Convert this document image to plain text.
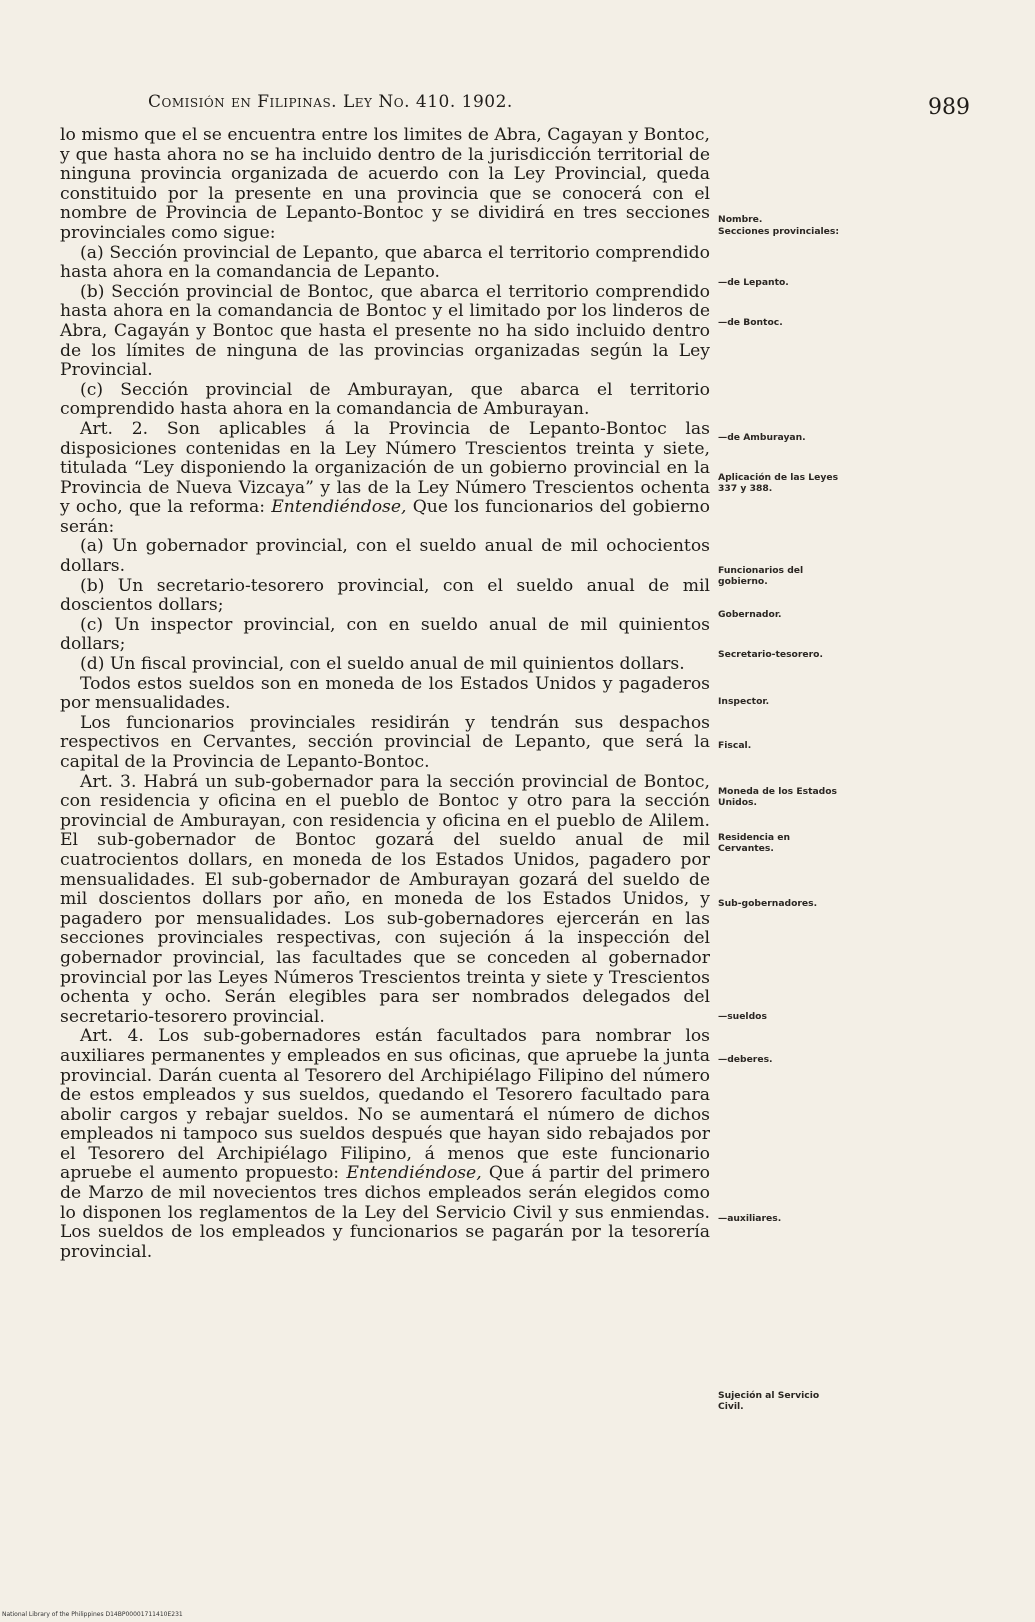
Comisión en Filipinas. Ley No. 410. 1902.	989

lo mismo que el se encuentra entre los limites de Abra, Cagayan y Bontoc, y que hasta ahora no se ha incluido dentro de la jurisdicción territorial de ninguna provincia organizada de acuerdo con la Ley Provincial, queda constituido por la presente en una provincia que se conocerá con el nombre de Provincia de Lepanto-Bontoc y se dividirá en tres secciones provinciales como sigue:

(a) Sección provincial de Lepanto, que abarca el territorio comprendido hasta ahora en la comandancia de Lepanto.

(b) Sección provincial de Bontoc, que abarca el territorio comprendido hasta ahora en la comandancia de Bontoc y el limitado por los linderos de Abra, Cagayán y Bontoc que hasta el presente no ha sido incluido dentro de los límites de ninguna de las provincias organizadas según la Ley Provincial.

(c) Sección provincial de Amburayan, que abarca el territorio comprendido hasta ahora en la comandancia de Amburayan.

Art. 2. Son aplicables á la Provincia de Lepanto-Bontoc las disposiciones contenidas en la Ley Número Trescientos treinta y siete, titulada “Ley disponiendo la organización de un gobierno provincial en la Provincia de Nueva Vizcaya” y las de la Ley Número Trescientos ochenta y ocho, que la reforma: Entendiéndose, Que los funcionarios del gobierno serán:

(a) Un gobernador provincial, con el sueldo anual de mil ochocientos dollars.

(b) Un secretario-tesorero provincial, con el sueldo anual de mil doscientos dollars;

(c) Un inspector provincial, con en sueldo anual de mil quinientos dollars;

(d) Un fiscal provincial, con el sueldo anual de mil quinientos dollars.

Todos estos sueldos son en moneda de los Estados Unidos y pagaderos por mensualidades.

Los funcionarios provinciales residirán y tendrán sus despachos respectivos en Cervantes, sección provincial de Lepanto, que será la capital de la Provincia de Lepanto-Bontoc.

Art. 3. Habrá un sub-gobernador para la sección provincial de Bontoc, con residencia y oficina en el pueblo de Bontoc y otro para la sección provincial de Amburayan, con residencia y oficina en el pueblo de Alilem. El sub-gobernador de Bontoc gozará del sueldo anual de mil cuatrocientos dollars, en moneda de los Estados Unidos, pagadero por mensualidades. El sub-gobernador de Amburayan gozará del sueldo de mil doscientos dollars por año, en moneda de los Estados Unidos, y pagadero por mensualidades. Los sub-gobernadores ejercerán en las secciones provinciales respectivas, con sujeción á la inspección del gobernador provincial, las facultades que se conceden al gobernador provincial por las Leyes Números Trescientos treinta y siete y Trescientos ochenta y ocho. Serán elegibles para ser nombrados delegados del secretario-tesorero provincial.

Art. 4. Los sub-gobernadores están facultados para nombrar los auxiliares permanentes y empleados en sus oficinas, que apruebe la junta provincial. Darán cuenta al Tesorero del Archipiélago Filipino del número de estos empleados y sus sueldos, quedando el Tesorero facultado para abolir cargos y rebajar sueldos. No se aumentará el número de dichos empleados ni tampoco sus sueldos después que hayan sido rebajados por el Tesorero del Archipiélago Filipino, á menos que este funcionario apruebe el aumento propuesto: Entendiéndose, Que á partir del primero de Marzo de mil novecientos tres dichos empleados serán elegidos como lo disponen los reglamentos de la Ley del Servicio Civil y sus enmiendas. Los sueldos de los empleados y funcionarios se pagarán por la tesorería provincial.

Nombre.
Secciones provinciales:
—de Lepanto.
—de Bontoc.
—de Amburayan.
Aplicación de las Leyes 337 y 388.
Funcionarios del gobierno.
Gobernador.
Secretario-tesorero.
Inspector.
Fiscal.
Moneda de los Estados Unidos.
Residencia en Cervantes.
Sub-gobernadores.
—sueldos
—deberes.
—auxiliares.
Sujeción al Servicio Civil.
National Library of the Philippines D14BP00001711410E231
